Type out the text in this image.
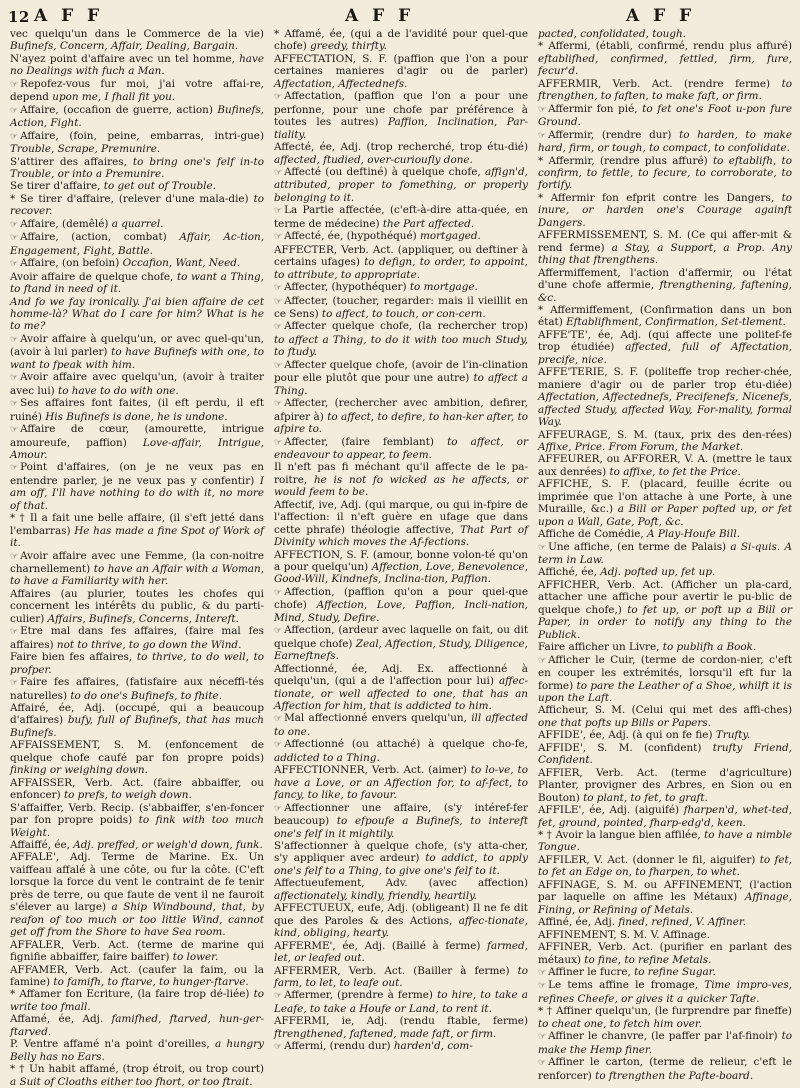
12 A F F	A F F	A F F

vec quelqu'un dans le Commerce de la vie) Bufinefs, Concern, Affair, Dealing, Bargain.

N'ayez point d'affaire avec un tel homme, have no Dealings with fuch a Man.

☞ Repofez-vous fur moi, j'ai votre affai-re, depend upon me, I fhall fit you.

☞ Affaire, (occafion de guerre, action) Bufinefs, Action, Fight.

☞ Affaire, (foin, peine, embarras, intri-gue) Trouble, Scrape, Premunire.

S'attirer des affaires, to bring one's felf in-to Trouble, or into a Premunire.

Se tirer d'affaire, to get out of Trouble.

* Se tirer d'affaire, (relever d'une mala-die) to recover.

☞ Affaire, (demêlé) a quarrel.

☞ Affaire, (action, combat) Affair, Ac-tion, Engagement, Fight, Battle.

☞ Affaire, (on befoin) Occafion, Want, Need.

Avoir affaire de quelque chofe, to want a Thing, to ftand in need of it.

And fo we fay ironically. J'ai bien affaire de cet homme-là? What do I care for him? What is he to me?

☞ Avoir affaire à quelqu'un, or avec quel-qu'un, (avoir à lui parler) to have Bufinefs with one, to want to fpeak with him.

☞ Avoir affaire avec quelqu'un, (avoir à traiter avec lui) to have to do with one.

☞ Ses affaires font faites, (il eft perdu, il eft ruiné) His Bufinefs is done, he is undone.

☞ Affaire de cœur, (amourette, intrigue amoureufe, paffion) Love-affair, Intrigue, Amour.

☞ Point d'affaires, (on je ne veux pas en entendre parler, je ne veux pas y confentir) I am off, I'll have nothing to do with it, no more of that.

* † Il a fait une belle affaire, (il s'eft jetté dans l'embarras) He has made a fine Spot of Work of it.

☞ Avoir affaire avec une Femme, (la con-noitre charnellement) to have an Affair with a Woman, to have a Familiarity with her.

Affaires (au plurier, toutes les chofes qui concernent les intérêts du public, & du parti-culier) Affairs, Bufinefs, Concerns, Intereft.

☞ Etre mal dans fes affaires, (faire mal fes affaires) not to thrive, to go down the Wind.

Faire bien fes affaires, to thrive, to do well, to profper.

☞ Faire fes affaires, (fatisfaire aux néceffi-tés naturelles) to do one's Bufinefs, to fhite.

Affairé, ée, Adj. (occupé, qui a beaucoup d'affaires) bufy, full of Bufinefs, that has much Bufinefs.

AFFAISSEMENT, S. M. (enfoncement de quelque chofe caufé par fon propre poids) finking or weighing down.

AFFAISSER, Verb. Act. (faire abbaiffer, ou enfoncer) to prefs, to weigh down.

S'affaiffer, Verb. Recip. (s'abbaiffer, s'en-foncer par fon propre poids) to fink with too much Weight.

Affaiffé, ée, Adj. preffed, or weigh'd down, funk.

AFFALE', Adj. Terme de Marine. Ex. Un vaiffeau affalé à une côte, ou fur la côte. (C'eft lorsque la force du vent le contraint de fe tenir près de terre, ou que faute de vent il ne fauroit s'élever au large) a Ship Windbound, that, by reafon of too much or too little Wind, cannot get off from the Shore to have Sea room.

AFFALER, Verb. Act. (terme de marine qui fignifie abbaiffer, faire baiffer) to lower.

AFFAMER, Verb. Act. (caufer la faim, ou la famine) to famifh, to ftarve, to hunger-ftarve.

* Affamer fon Ecriture, (la faire trop dé-liée) to write too fmall.

Affamé, ée, Adj. famifhed, ftarved, hun-ger-ftarved.

P. Ventre affamé n'a point d'oreilles, a hungry Belly has no Ears.

* † Un habit affamé, (trop étroit, ou trop court) a Suit of Cloaths either too fhort, or too ftrait.

* Affamé, ée, (qui a de l'avidité pour quel-que chofe) greedy, thirfty.

AFFECTATION, S. F. (paffion que l'on a pour certaines manieres d'agir ou de parler) Affectation, Affectednefs.

☞ Affectation, (paffion que l'on a pour une perfonne, pour une chofe par préférence à toutes les autres) Paffion, Inclination, Par-tiality.

Affecté, ée, Adj. (trop recherché, trop étu-dié) affected, ftudied, over-curioufly done.

☞ Affecté (ou deftiné) à quelque chofe, affign'd, attributed, proper to fomething, or properly belonging to it.

☞ La Partie affectée, (c'eft-à-dire atta-quée, en terme de médecine) the Part affected.

☞ Affecté, ée, (hypothéqué) mortgaged.

AFFECTER, Verb. Act. (appliquer, ou deftiner à certains ufages) to defign, to order, to appoint, to attribute, to appropriate.

☞ Affecter, (hypothéquer) to mortgage.

☞ Affecter, (toucher, regarder: mais il vieillit en ce Sens) to affect, to touch, or con-cern.

☞ Affecter quelque chofe, (la rechercher trop) to affect a Thing, to do it with too much Study, to ftudy.

☞ Affecter quelque chofe, (avoir de l'in-clination pour elle plutôt que pour une autre) to affect a Thing.

☞ Affecter, (rechercher avec ambition, defirer, afpirer à) to affect, to defire, to han-ker after, to afpire to.

☞ Affecter, (faire femblant) to affect, or endeavour to appear, to feem.

Il n'eft pas fi méchant qu'il affecte de le pa-roitre, he is not fo wicked as he affects, or would feem to be.

Affectif, ive, Adj. (qui marque, ou qui in-fpire de l'affection: il n'eft guère en ufage que dans cette phrafe) théologie affective, That Part of Divinity which moves the Af-fections.

AFFECTION, S. F. (amour, bonne volon-té qu'on a pour quelqu'un) Affection, Love, Benevolence, Good-Will, Kindnefs, Inclina-tion, Paffion.

☞ Affection, (paffion qu'on a pour quel-que chofe) Affection, Love, Paffion, Incli-nation, Mind, Study, Defire.

☞ Affection, (ardeur avec laquelle on fait, ou dit quelque chofe) Zeal, Affection, Study, Diligence, Earneftnefs.

Affectionné, ée, Adj. Ex. affectionné à quelqu'un, (qui a de l'affection pour lui) affec-tionate, or well affected to one, that has an Affection for him, that is addicted to him.

☞ Mal affectionné envers quelqu'un, ill affected to one.

☞ Affectionné (ou attaché) à quelque cho-fe, addicted to a Thing.

AFFECTIONNER, Verb. Act. (aimer) to lo-ve, to have a Love, or an Affection for, to af-fect, to fancy, to like, to favour.

☞ Affectionner une affaire, (s'y intéref-fer beaucoup) to efpoufe a Bufinefs, to intereft one's felf in it mightily.

S'affectionner à quelque chofe, (s'y atta-cher, s'y appliquer avec ardeur) to addict, to apply one's felf to a Thing, to give one's felf to it.

Affectueufement, Adv. (avec affection) affectionately, kindly, friendly, heartily.

AFFECTUEUX, eufe, Adj. (obligeant) Il ne fe dit que des Paroles & des Actions, affec-tionate, kind, obliging, hearty.

AFFERME', ée, Adj. (Baillé à ferme) farmed, let, or leafed out.

AFFERMER, Verb. Act. (Bailler à ferme) to farm, to let, to leafe out.

☞ Affermer, (prendre à ferme) to hire, to take a Leafe, to take a Houfe or Land, to rent it.

AFFERMI, ie, Adj. (rendu ftable, ferme) ftrengthened, faftened, made faft, or firm.

☞ Affermi, (rendu dur) harden'd, com-

pacted, confolidated, tough.

* Affermi, (établi, confirmé, rendu plus affuré) eftablifhed, confirmed, fettled, firm, fure, fecur'd.

AFFERMIR, Verb. Act. (rendre ferme) to ftrengthen, to faften, to make faft, or firm.

☞ Affermir fon pié, to fet one's Foot u-pon fure Ground.

☞ Affermir, (rendre dur) to harden, to make hard, firm, or tough, to compact, to confolidate.

* Affermir, (rendre plus affuré) to eftablifh, to confirm, to fettle, to fecure, to corroborate, to fortify.

* Affermir fon efprit contre les Dangers, to inure, or harden one's Courage againft Dangers.

AFFERMISSEMENT, S. M. (Ce qui affer-mit & rend ferme) a Stay, a Support, a Prop. Any thing that ftrengthens.

Affermiffement, l'action d'affermir, ou l'état d'une chofe affermie, ftrengthening, faftening, &c.

* Affermiffement, (Confirmation dans un bon état) Eftablifhment, Confirmation, Set-tlement.

AFFE'TE', ée, Adj. (qui affecte une politef-fe trop étudiée) affected, full of Affectation, precife, nice.

AFFE'TERIE, S. F. (politeffe trop recher-chée, maniere d'agir ou de parler trop étu-diée) Affectation, Affectednefs, Precifenefs, Nicenefs, affected Study, affected Way, For-mality, formal Way.

AFFEURAGE, S. M. (taux, prix des den-rées) Affixe, Price. From Forum, the Market.

AFFEURER, ou AFFORER, V. A. (mettre le taux aux denrées) to affixe, to fet the Price.

AFFICHE, S. F. (placard, feuille écrite ou imprimée que l'on attache à une Porte, à une Muraille, &c.) a Bill or Paper pofted up, or fet upon a Wall, Gate, Poft, &c.

Affiche de Comédie, A Play-Houfe Bill.

☞ Une affiche, (en terme de Palais) a Si-quis. A term in Law.

Affiché, ée, Adj. pofted up, fet up.

AFFICHER, Verb. Act. (Afficher un pla-card, attacher une affiche pour avertir le pu-blic de quelque chofe,) to fet up, or poft up a Bill or Paper, in order to notify any thing to the Publick.

Faire afficher un Livre, to publifh a Book.

☞ Afficher le Cuir, (terme de cordon-nier, c'eft en couper les extrémités, lorsqu'il eft fur la forme) to pare the Leather of a Shoe, whilft it is upon the Laft.

Afficheur, S. M. (Celui qui met des affi-ches) one that pofts up Bills or Papers.

AFFIDE', ée, Adj. (à qui on fe fie) Trufty.

AFFIDE', S. M. (confident) trufty Friend, Confident.

AFFIER, Verb. Act. (terme d'agriculture) Planter, provigner des Arbres, en Sion ou en Bouton) to plant, to fet, to graft.

AFFILE', ée, Adj. (aiguifé) fharpen'd, whet-ted, fet, ground, pointed, fharp-edg'd, keen.

* † Avoir la langue bien affilée, to have a nimble Tongue.

AFFILER, V. Act. (donner le fil, aiguifer) to fet, to fet an Edge on, to fharpen, to whet.

AFFINAGE, S. M. ou AFFINEMENT, (l'action par laquelle on affine les Métaux) Affinage, Fining, or Refining of Metals.

Affiné, ée, Adj. fined, refined, V. Affiner.

AFFINEMENT, S. M. V. Affinage.

AFFINER, Verb. Act. (purifier en parlant des métaux) to fine, to refine Metals.

☞ Affiner le fucre, to refine Sugar.

☞ Le tems affine le fromage, Time impro-ves, refines Cheefe, or gives it a quicker Tafte.

* † Affiner quelqu'un, (le furprendre par fineffe) to cheat one, to fetch him over.

☞ Affiner le chanvre, (le paffer par l'af-finoir) to make the Hemp finer.

☞ Affiner le carton, (terme de relieur, c'eft le renforcer) to ftrengthen the Pafte-board.
